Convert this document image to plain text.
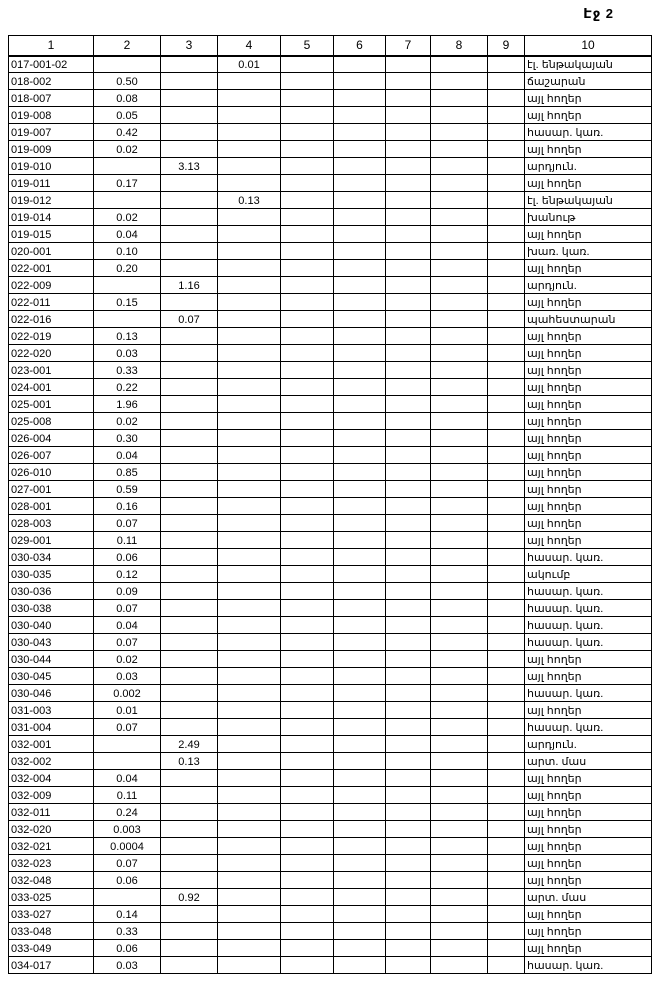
Էջ 2
1	2	3	4	5	6	7	8	9	10
017-001-02			0.01						էլ. ենթակայան
018-002	0.50								ճաշարան
018-007	0.08								այլ հողեր
019-008	0.05								այլ հողեր
019-007	0.42								հասար. կառ.
019-009	0.02								այլ հողեր
019-010		3.13							արդյուն.
019-011	0.17								այլ հողեր
019-012			0.13						էլ. ենթակայան
019-014	0.02								խանութ
019-015	0.04								այլ հողեր
020-001	0.10								խառ. կառ.
022-001	0.20								այլ հողեր
022-009		1.16							արդյուն.
022-011	0.15								այլ հողեր
022-016		0.07							պահեստարան
022-019	0.13								այլ հողեր
022-020	0.03								այլ հողեր
023-001	0.33								այլ հողեր
024-001	0.22								այլ հողեր
025-001	1.96								այլ հողեր
025-008	0.02								այլ հողեր
026-004	0.30								այլ հողեր
026-007	0.04								այլ հողեր
026-010	0.85								այլ հողեր
027-001	0.59								այլ հողեր
028-001	0.16								այլ հողեր
028-003	0.07								այլ հողեր
029-001	0.11								այլ հողեր
030-034	0.06								հասար. կառ.
030-035	0.12								ակումբ
030-036	0.09								հասար. կառ.
030-038	0.07								հասար. կառ.
030-040	0.04								հասար. կառ.
030-043	0.07								հասար. կառ.
030-044	0.02								այլ հողեր
030-045	0.03								այլ հողեր
030-046	0.002								հասար. կառ.
031-003	0.01								այլ հողեր
031-004	0.07								հասար. կառ.
032-001		2.49							արդյուն.
032-002		0.13							արտ. մաս
032-004	0.04								այլ հողեր
032-009	0.11								այլ հողեր
032-011	0.24								այլ հողեր
032-020	0.003								այլ հողեր
032-021	0.0004								այլ հողեր
032-023	0.07								այլ հողեր
032-048	0.06								այլ հողեր
033-025		0.92							արտ. մաս
033-027	0.14								այլ հողեր
033-048	0.33								այլ հողեր
033-049	0.06								այլ հողեր
034-017	0.03								հասար. կառ.
